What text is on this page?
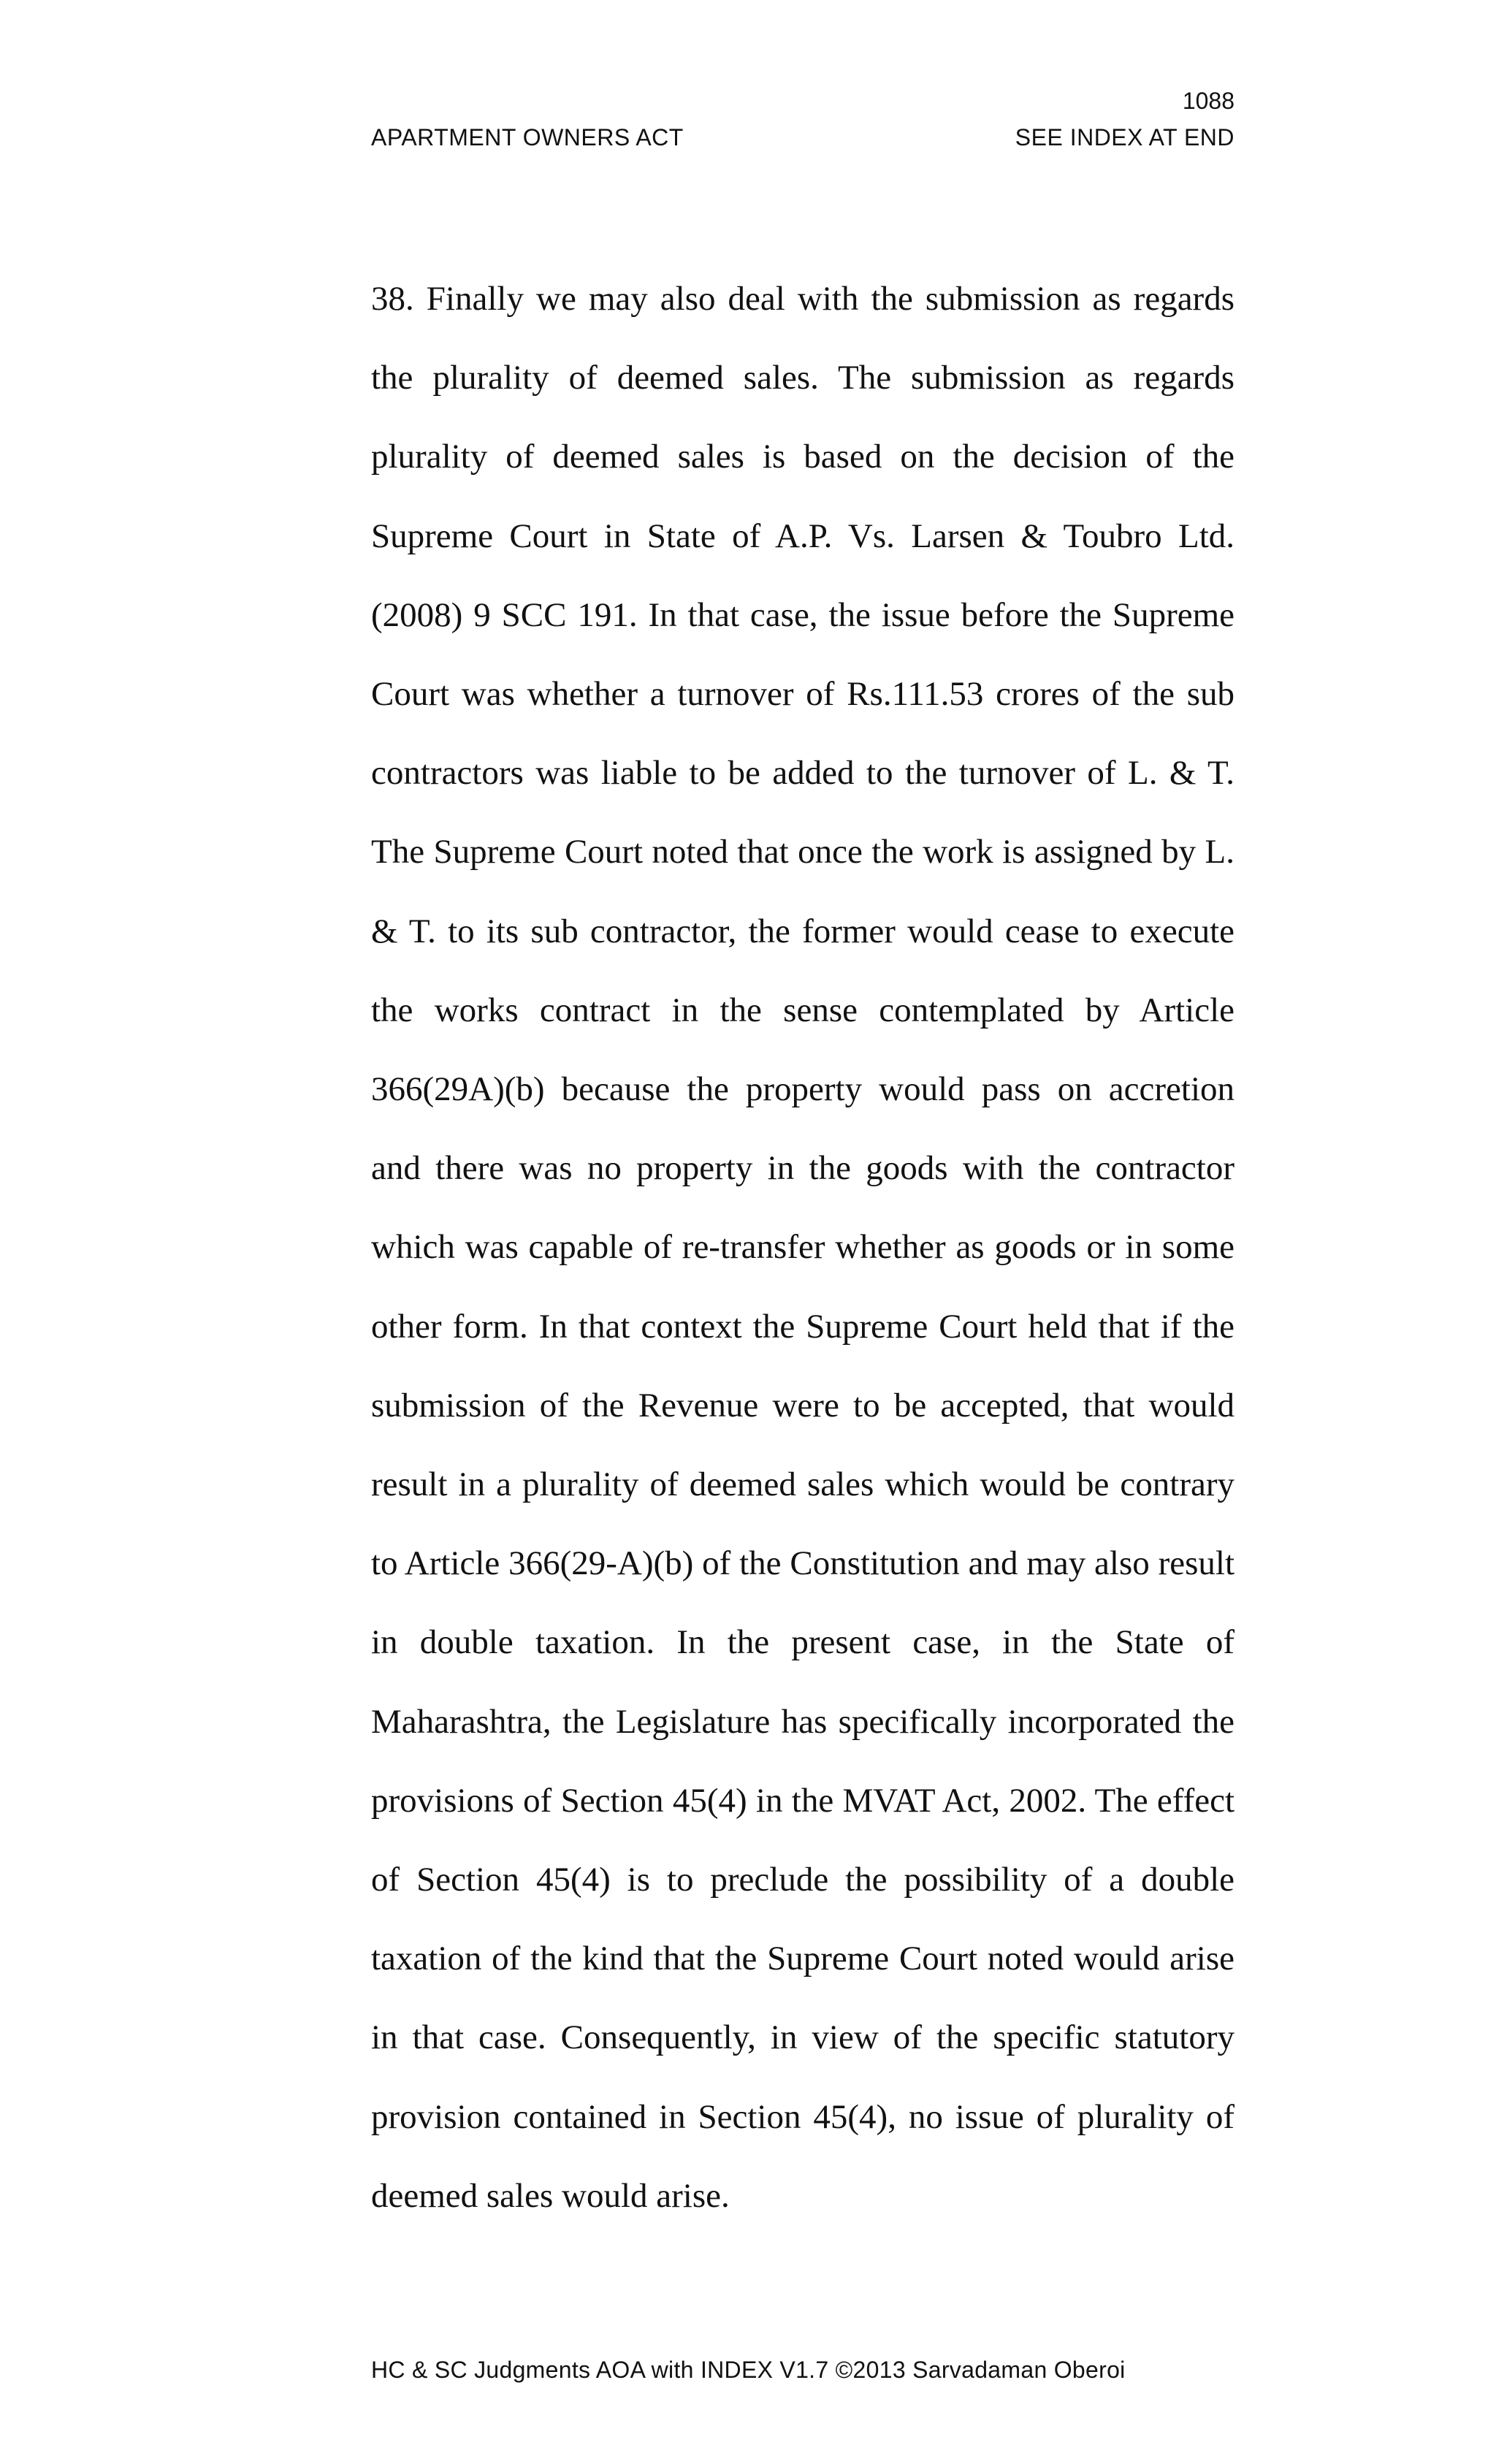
1088
APARTMENT OWNERS ACT	SEE INDEX AT END

38. Finally we may also deal with the submission as regards the plurality of deemed sales. The submission as regards plurality of deemed sales is based on the decision of the Supreme Court in State of A.P. Vs. Larsen & Toubro Ltd. (2008) 9 SCC 191. In that case, the issue before the Supreme Court was whether a turnover of Rs.111.53 crores of the sub contractors was liable to be added to the turnover of L. & T. The Supreme Court noted that once the work is assigned by L. & T. to its sub contractor, the former would cease to execute the works contract in the sense contemplated by Article 366(29A)(b) because the property would pass on accretion and there was no property in the goods with the contractor which was capable of re-transfer whether as goods or in some other form. In that context the Supreme Court held that if the submission of the Revenue were to be accepted, that would result in a plurality of deemed sales which would be contrary to Article 366(29-A)(b) of the Constitution and may also result in double taxation. In the present case, in the State of Maharashtra, the Legislature has specifically incorporated the provisions of Section 45(4) in the MVAT Act, 2002. The effect of Section 45(4) is to preclude the possibility of a double taxation of the kind that the Supreme Court noted would arise in that case. Consequently, in view of the specific statutory provision contained in Section 45(4), no issue of plurality of deemed sales would arise.

HC & SC Judgments AOA with INDEX V1.7 ©2013 Sarvadaman Oberoi
